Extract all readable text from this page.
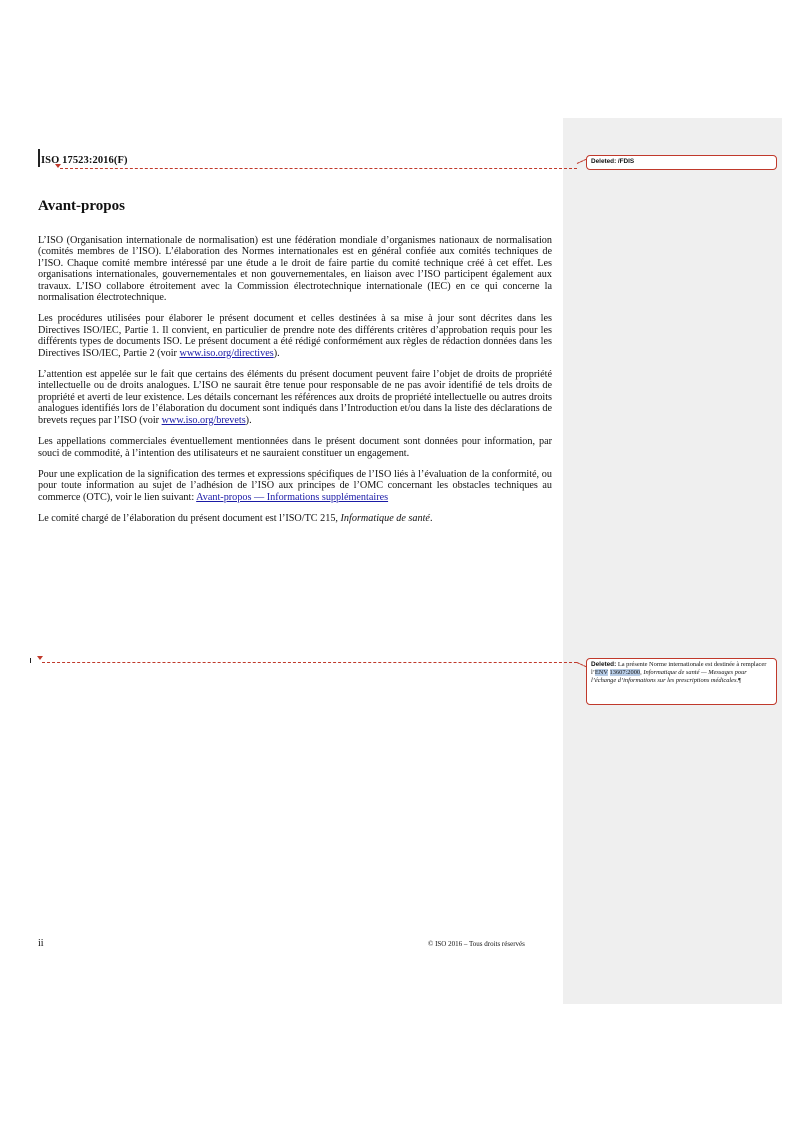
ISO 17523:2016(F)	Deleted: /FDIS
Avant-propos

L’ISO (Organisation internationale de normalisation) est une fédération mondiale d’organismes nationaux de normalisation (comités membres de l’ISO). L’élaboration des Normes internationales est en général confiée aux comités techniques de l’ISO. Chaque comité membre intéressé par une étude a le droit de faire partie du comité technique créé à cet effet. Les organisations internationales, gouvernementales et non gouvernementales, en liaison avec l’ISO participent également aux travaux. L’ISO collabore étroitement avec la Commission électrotechnique internationale (IEC) en ce qui concerne la normalisation électrotechnique.

Les procédures utilisées pour élaborer le présent document et celles destinées à sa mise à jour sont décrites dans les Directives ISO/IEC, Partie 1. Il convient, en particulier de prendre note des différents critères d’approbation requis pour les différents types de documents ISO. Le présent document a été rédigé conformément aux règles de rédaction données dans les Directives ISO/IEC, Partie 2 (voir www.iso.org/directives).

L’attention est appelée sur le fait que certains des éléments du présent document peuvent faire l’objet de droits de propriété intellectuelle ou de droits analogues. L’ISO ne saurait être tenue pour responsable de ne pas avoir identifié de tels droits de propriété et averti de leur existence. Les détails concernant les références aux droits de propriété intellectuelle ou autres droits analogues identifiés lors de l’élaboration du document sont indiqués dans l’Introduction et/ou dans la liste des déclarations de brevets reçues par l’ISO (voir www.iso.org/brevets).

Les appellations commerciales éventuellement mentionnées dans le présent document sont données pour information, par souci de commodité, à l’intention des utilisateurs et ne sauraient constituer un engagement.

Pour une explication de la signification des termes et expressions spécifiques de l’ISO liés à l’évaluation de la conformité, ou pour toute information au sujet de l’adhésion de l’ISO aux principes de l’OMC concernant les obstacles techniques au commerce (OTC), voir le lien suivant: Avant-propos — Informations supplémentaires

Le comité chargé de l’élaboration du présent document est l’ISO/TC 215, Informatique de santé.

Deleted: La présente Norme internationale est destinée à remplacer l’ENV 13607:2000, Informatique de santé — Messages pour l’échange d’informations sur les prescriptions médicales.¶
ii	© ISO 2016 – Tous droits réservés
